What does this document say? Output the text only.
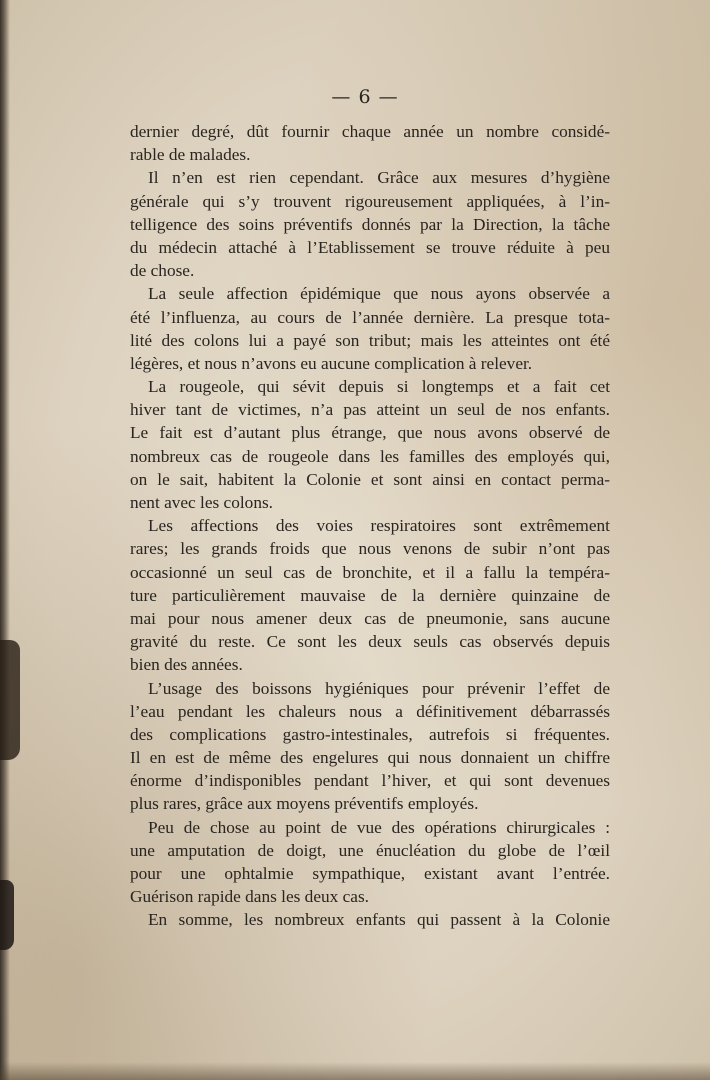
— 6 —
dernier degré, dût fournir chaque année un nombre considé-
rable de malades.
Il n’en est rien cependant. Grâce aux mesures d’hygiène
générale qui s’y trouvent rigoureusement appliquées, à l’in-
telligence des soins préventifs donnés par la Direction, la tâche
du médecin attaché à l’Etablissement se trouve réduite à peu
de chose.
La seule affection épidémique que nous ayons observée a
été l’influenza, au cours de l’année dernière. La presque tota-
lité des colons lui a payé son tribut; mais les atteintes ont été
légères, et nous n’avons eu aucune complication à relever.
La rougeole, qui sévit depuis si longtemps et a fait cet
hiver tant de victimes, n’a pas atteint un seul de nos enfants.
Le fait est d’autant plus étrange, que nous avons observé de
nombreux cas de rougeole dans les familles des employés qui,
on le sait, habitent la Colonie et sont ainsi en contact perma-
nent avec les colons.
Les affections des voies respiratoires sont extrêmement
rares; les grands froids que nous venons de subir n’ont pas
occasionné un seul cas de bronchite, et il a fallu la tempéra-
ture particulièrement mauvaise de la dernière quinzaine de
mai pour nous amener deux cas de pneumonie, sans aucune
gravité du reste. Ce sont les deux seuls cas observés depuis
bien des années.
L’usage des boissons hygiéniques pour prévenir l’effet de
l’eau pendant les chaleurs nous a définitivement débarrassés
des complications gastro-intestinales, autrefois si fréquentes.
Il en est de même des engelures qui nous donnaient un chiffre
énorme d’indisponibles pendant l’hiver, et qui sont devenues
plus rares, grâce aux moyens préventifs employés.
Peu de chose au point de vue des opérations chirurgicales :
une amputation de doigt, une énucléation du globe de l’œil
pour une ophtalmie sympathique, existant avant l’entrée.
Guérison rapide dans les deux cas.
En somme, les nombreux enfants qui passent à la Colonie
